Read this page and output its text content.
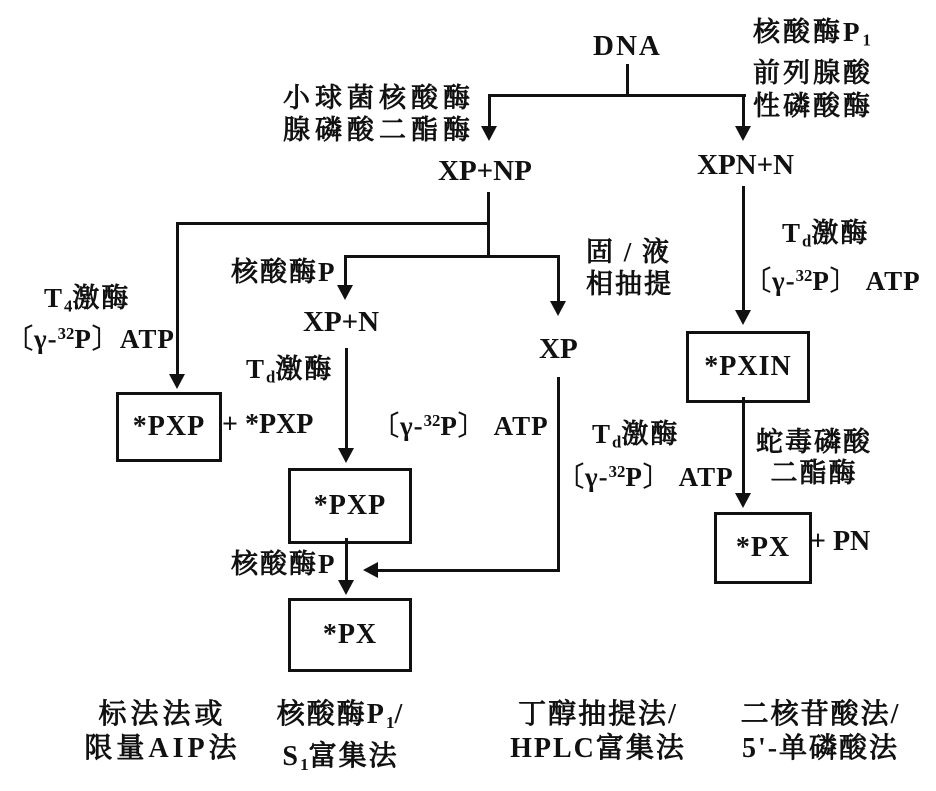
DNA
小球菌核酸酶
腺磷酸二酯酶
核酸酶$P_1$
前列腺酸
性磷酸酶
XP+NP	XPN+N
$T_4$激酶
〔γ-$^{32}$P〕ATP
*PXP + *PXP
核酸酶P
XP+N
$T_d$激酶
〔γ-$^{32}$P〕 ATP
*PXP
核酸酶P
*PX
固 / 液
相抽提
XP
$T_d$激酶
〔γ-$^{32}$P〕 ATP
$T_d$激酶
〔γ-$^{32}$P〕 ATP
*PXIN
蛇毒磷酸
二酯酶
*PX + PN
标法法或
限量AIP法
核酸酶$P_1/$
$S_1$富集法
丁醇抽提法/
HPLC富集法
二核苷酸法/
5'-单磷酸法
